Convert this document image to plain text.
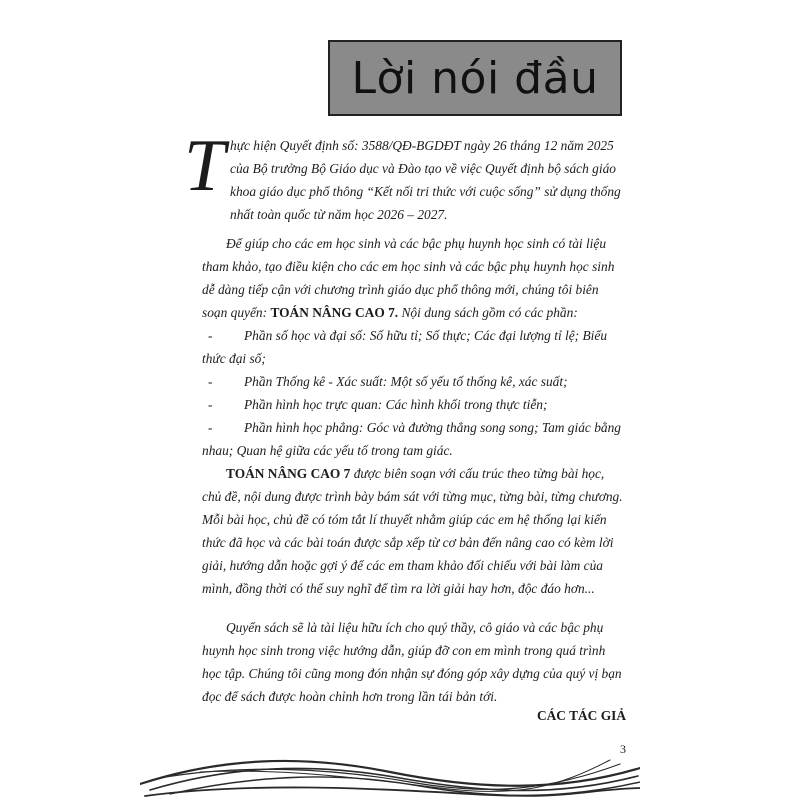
Lời nói đầu
T hực hiện Quyết định số: 3588/QĐ-BGDĐT ngày 26 tháng 12 năm 2025 của Bộ trưởng Bộ Giáo dục và Đào tạo về việc Quyết định bộ sách giáo khoa giáo dục phổ thông “Kết nối tri thức với cuộc sống” sử dụng thống nhất toàn quốc từ năm học 2026 – 2027.

Để giúp cho các em học sinh và các bậc phụ huynh học sinh có tài liệu tham khảo, tạo điều kiện cho các em học sinh và các bậc phụ huynh học sinh dễ dàng tiếp cận với chương trình giáo dục phổ thông mới, chúng tôi biên soạn quyển: TOÁN NÂNG CAO 7. Nội dung sách gồm có các phần:

- Phần số học và đại số: Số hữu tỉ; Số thực; Các đại lượng tỉ lệ; Biểu thức đại số;
- Phần Thống kê - Xác suất: Một số yếu tố thống kê, xác suất;
- Phần hình học trực quan: Các hình khối trong thực tiễn;
- Phần hình học phẳng: Góc và đường thẳng song song; Tam giác bằng nhau; Quan hệ giữa các yếu tố trong tam giác.

TOÁN NÂNG CAO 7 được biên soạn với cấu trúc theo từng bài học, chủ đề, nội dung được trình bày bám sát với từng mục, từng bài, từng chương. Mỗi bài học, chủ đề có tóm tắt lí thuyết nhằm giúp các em hệ thống lại kiến thức đã học và các bài toán được sắp xếp từ cơ bản đến nâng cao có kèm lời giải, hướng dẫn hoặc gợi ý để các em tham khảo đối chiếu với bài làm của mình, đồng thời có thể suy nghĩ để tìm ra lời giải hay hơn, độc đáo hơn...

Quyển sách sẽ là tài liệu hữu ích cho quý thầy, cô giáo và các bậc phụ huynh học sinh trong việc hướng dẫn, giúp đỡ con em mình trong quá trình học tập. Chúng tôi cũng mong đón nhận sự đóng góp xây dựng của quý vị bạn đọc để sách được hoàn chỉnh hơn trong lần tái bản tới.

CÁC TÁC GIẢ
3
